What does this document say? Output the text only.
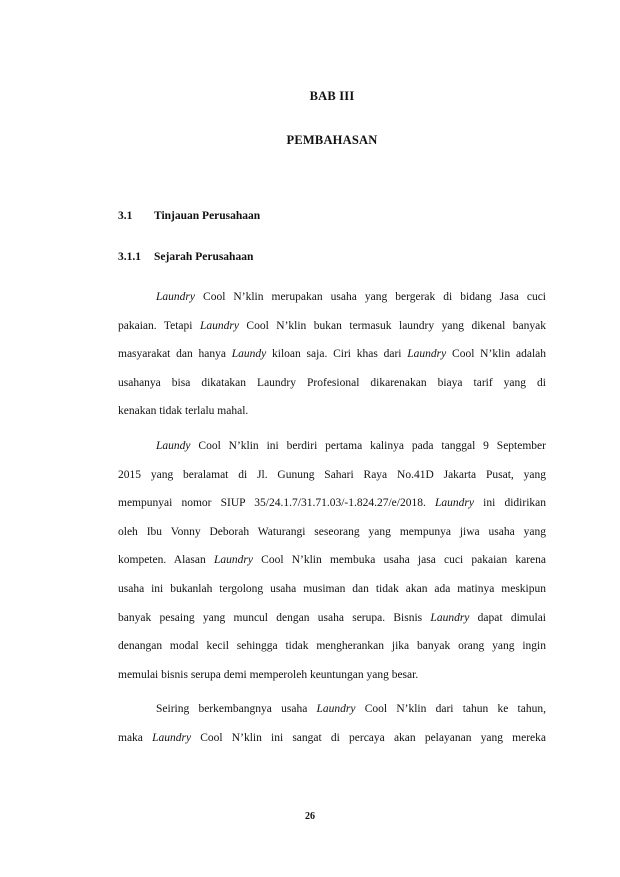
BAB III
PEMBAHASAN
3.1 Tinjauan Perusahaan
3.1.1 Sejarah Perusahaan
Laundry Cool N’klin merupakan usaha yang bergerak di bidang Jasa cuci
pakaian. Tetapi Laundry Cool N’klin bukan termasuk laundry yang dikenal banyak
masyarakat dan hanya Laundy kiloan saja. Ciri khas dari Laundry Cool N’klin adalah
usahanya bisa dikatakan Laundry Profesional dikarenakan biaya tarif yang di
kenakan tidak terlalu mahal.
Laundy Cool N’klin ini berdiri pertama kalinya pada tanggal 9 September
2015 yang beralamat di Jl. Gunung Sahari Raya No.41D Jakarta Pusat, yang
mempunyai nomor SIUP 35/24.1.7/31.71.03/-1.824.27/e/2018. Laundry ini didirikan
oleh Ibu Vonny Deborah Waturangi seseorang yang mempunya jiwa usaha yang
kompeten. Alasan Laundry Cool N’klin membuka usaha jasa cuci pakaian karena
usaha ini bukanlah tergolong usaha musiman dan tidak akan ada matinya meskipun
banyak pesaing yang muncul dengan usaha serupa. Bisnis Laundry dapat dimulai
denangan modal kecil sehingga tidak mengherankan jika banyak orang yang ingin
memulai bisnis serupa demi memperoleh keuntungan yang besar.
Seiring berkembangnya usaha Laundry Cool N’klin dari tahun ke tahun,
maka Laundry Cool N’klin ini sangat di percaya akan pelayanan yang mereka
26
